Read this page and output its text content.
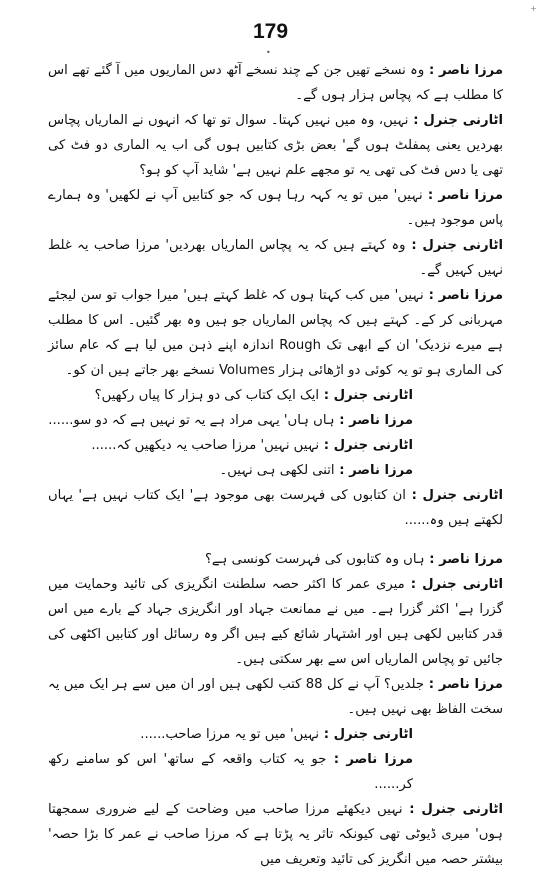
+
179
•

مرزا ناصر : وہ نسخے تھیں جن کے چند نسخے آٹھ دس الماریوں میں آ گئے تھے اس کا مطلب ہے کہ پچاس ہزار ہوں گے۔

اٹارنی جنرل : نہیں، وہ میں نہیں کہتا۔ سوال تو تھا کہ انہوں نے الماریاں پچاس بھردیں یعنی پمفلٹ ہوں گے' بعض بڑی کتابیں ہوں گی اب یہ الماری دو فٹ کی تھی یا دس فٹ کی تھی یہ تو مجھے علم نہیں ہے' شاید آپ کو ہو؟

مرزا ناصر : نہیں' میں تو یہ کہہ رہا ہوں کہ جو کتابیں آپ نے لکھیں' وہ ہمارے پاس موجود ہیں۔

اٹارنی جنرل : وہ کہتے ہیں کہ یہ پچاس الماریاں بھردیں' مرزا صاحب یہ غلط نہیں کہیں گے۔

مرزا ناصر : نہیں' میں کب کہتا ہوں کہ غلط کہتے ہیں' میرا جواب تو سن لیجئے مہربانی کر کے۔ کہتے ہیں کہ پچاس الماریاں جو ہیں وہ بھر گئیں۔ اس کا مطلب ہے میرے نزدیک' ان کے ابھی تک Rough اندازہ اپنے ذہن میں لیا ہے کہ عام سائز کی الماری ہو تو یہ کوئی دو اڑھائی ہزار Volumes نسخے بھر جاتے ہیں ان کو۔

اٹارنی جنرل : ایک ایک کتاب کی دو ہزار کا پیاں رکھیں؟

مرزا ناصر : ہاں ہاں' یہی مراد ہے یہ تو نہیں ہے کہ دو سو......

اٹارنی جنرل : نہیں نہیں' مرزا صاحب یہ دیکھیں کہ......

مرزا ناصر : اتنی لکھی ہی نہیں۔

اٹارنی جنرل : ان کتابوں کی فہرست بھی موجود ہے' ایک کتاب نہیں ہے' یہاں لکھتے ہیں وہ......

مرزا ناصر : ہاں وہ کتابوں کی فہرست کونسی ہے؟

اٹارنی جنرل : میری عمر کا اکثر حصہ سلطنت انگریزی کی تائید وحمایت میں گزرا ہے' اکثر گزرا ہے۔ میں نے ممانعت جہاد اور انگریزی جہاد کے بارے میں اس قدر کتابیں لکھی ہیں اور اشتہار شائع کیے ہیں اگر وہ رسائل اور کتابیں اکٹھی کی جائیں تو پچاس الماریاں اس سے بھر سکتی ہیں۔

مرزا ناصر : جلدیں؟ آپ نے کل 88 کتب لکھی ہیں اور ان میں سے ہر ایک میں یہ سخت الفاظ بھی نہیں ہیں۔

اٹارنی جنرل : نہیں' میں تو یہ مرزا صاحب......

مرزا ناصر : جو یہ کتاب واقعہ کے ساتھ' اس کو سامنے رکھ کر......

اٹارنی جنرل : نہیں دیکھئے مرزا صاحب میں وضاحت کے لیے ضروری سمجھتا ہوں' میری ڈیوٹی تھی کیونکہ تاثر یہ پڑتا ہے کہ مرزا صاحب نے عمر کا بڑا حصہ' بیشتر حصہ میں انگریز کی تائید وتعریف میں
